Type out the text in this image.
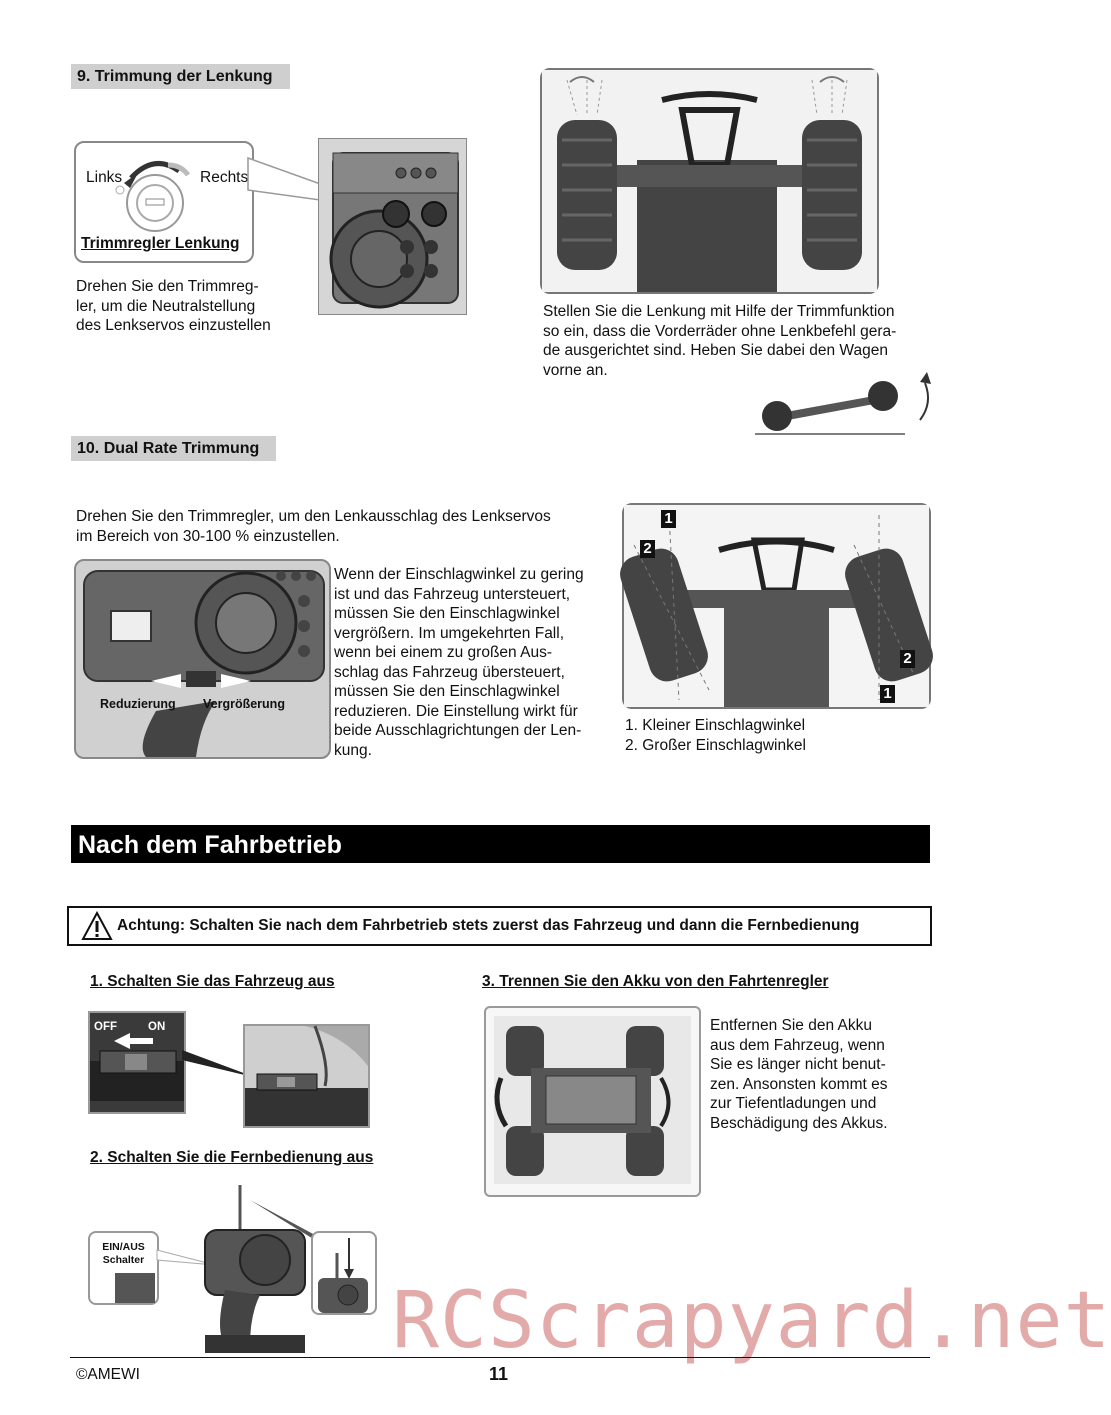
9. Trimmung der Lenkung
Links	Rechts
Trimmregler Lenkung
Drehen Sie den Trimmreg-
ler, um die Neutralstellung
des Lenkservos einzustellen
Stellen Sie die Lenkung mit Hilfe der Trimmfunktion
so ein, dass die Vorderräder ohne Lenkbefehl gera-
de ausgerichtet sind. Heben Sie dabei den Wagen
vorne an.
10. Dual Rate Trimmung
Drehen Sie den Trimmregler, um den Lenkausschlag des Lenkservos
im Bereich von 30-100 % einzustellen.
Reduzierung Vergrößerung
Wenn der Einschlagwinkel zu gering
ist und das Fahrzeug untersteuert,
müssen Sie den Einschlagwinkel
vergrößern. Im umgekehrten Fall,
wenn bei einem zu großen Aus-
schlag das Fahrzeug übersteuert,
müssen Sie den Einschlagwinkel
reduzieren. Die Einstellung wirkt für
beide Ausschlagrichtungen der Len-
kung.
1
2
2
1
1. Kleiner Einschlagwinkel
2. Großer Einschlagwinkel
Nach dem Fahrbetrieb
Achtung: Schalten Sie nach dem Fahrbetrieb stets zuerst das Fahrzeug und dann die Fernbedienung
1. Schalten Sie das Fahrzeug aus
OFF	ON
2. Schalten Sie die Fernbedienung aus
EIN/AUS
Schalter
3. Trennen Sie den Akku von den Fahrtenregler
Entfernen Sie den Akku
aus dem Fahrzeug, wenn
Sie es länger nicht benut-
zen. Ansonsten kommt es
zur Tiefentladungen und
Beschädigung des Akkus.
RCScrapyard.net
©AMEWI	11
